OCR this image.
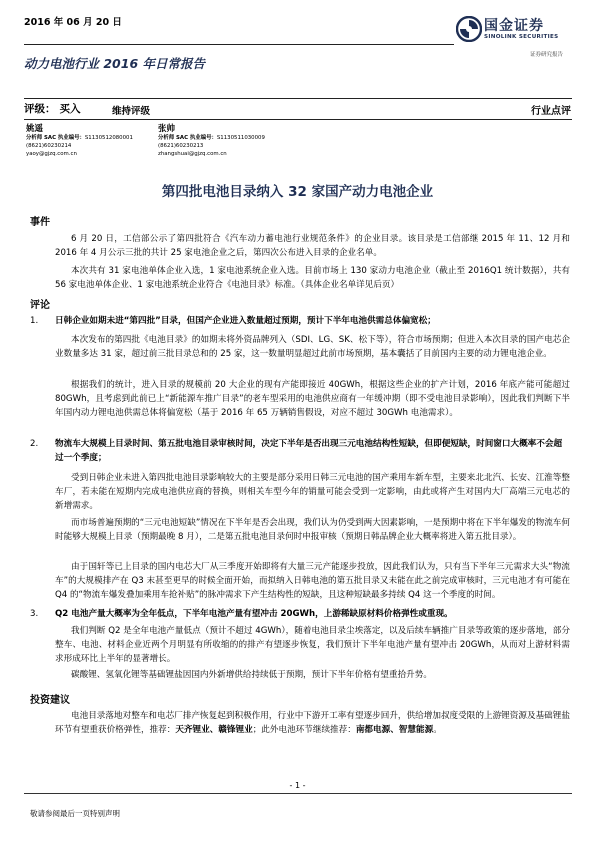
2016 年 06 月 20 日
动力电池行业 2016 年日常报告
国金证券
SINOLINK SECURITIES
证券研究报告
评级： 买入	维持评级	行业点评
姚遥
分析师 SAC 执业编号：S1130512080001
(8621)60230214
yaoy@gjzq.com.cn
张帅
分析师 SAC 执业编号：S1130511030009
(8621)60230213
zhangshuai@gjzq.com.cn
第四批电池目录纳入 32 家国产动力电池企业
事件
6 月 20 日，工信部公示了第四批符合《汽车动力蓄电池行业规范条件》的企业目录。该目录是工信部继 2015 年 11、12 月和 2016 年 4 月公示三批的共计 25 家电池企业之后，第四次公布进入目录的企业名单。
本次共有 31 家电池单体企业入选，1 家电池系统企业入选。目前市场上 130 家动力电池企业（截止至 2016Q1 统计数据），共有 56 家电池单体企业、1 家电池系统企业符合《电池目录》标准。（具体企业名单详见后页）
评论
1. 日韩企业如期未进“第四批”目录，但国产企业进入数量超过预期，预计下半年电池供需总体偏宽松；
本次发布的第四批《电池目录》的如期未将外资品牌列入（SDI、LG、SK、松下等），符合市场预期；但进入本次目录的国产电芯企业数量多达 31 家，超过前三批目录总和的 25 家，这一数量明显超过此前市场预期，基本囊括了目前国内主要的动力锂电池企业。
根据我们的统计，进入目录的规模前 20 大企业的现有产能即接近 40GWh，根据这些企业的扩产计划，2016 年底产能可能超过 80GWh，且考虑到此前已上“新能源车推广目录”的老车型采用的电池供应商有一年缓冲期（即不受电池目录影响），因此我们判断下半年国内动力锂电池供需总体将偏宽松（基于 2016 年 65 万辆销售假设，对应不超过 30GWh 电池需求）。
2. 物流车大规模上目录时间、第五批电池目录审核时间，决定下半年是否出现三元电池结构性短缺，但即便短缺，时间窗口大概率不会超过一个季度；
受到日韩企业未进入第四批电池目录影响较大的主要是部分采用日韩三元电池的国产乘用车新车型，主要来北北汽、长安、江淮等整车厂，若未能在短期内完成电池供应商的替换，则相关车型今年的销量可能会受到一定影响，由此或将产生对国内大厂高端三元电芯的新增需求。
而市场普遍预期的“三元电池短缺”情况在下半年是否会出现，我们认为仍受到两大因素影响，一是预期中将在下半年爆发的物流车何时能够大规模上目录（预期最晚 8 月），二是第五批电池目录何时申报审核（预期日韩品牌企业大概率将进入第五批目录）。
由于国轩等已上目录的国内电芯大厂从三季度开始即将有大量三元产能逐步投放，因此我们认为，只有当下半年三元需求大头“物流车”的大规模排产在 Q3 末甚至更早的时候全面开始，而拟纳入日韩电池的第五批目录又未能在此之前完成审核时，三元电池才有可能在 Q4 的“物流车爆发叠加乘用车抢补贴”的脉冲需求下产生结构性的短缺，且这种短缺最多持续 Q4 这一个季度的时间。
3. Q2 电池产量大概率为全年低点，下半年电池产量有望冲击 20GWh，上游稀缺原材料价格弹性或重现。
我们判断 Q2 是全年电池产量低点（预计不超过 4GWh），随着电池目录尘埃落定，以及后续车辆推广目录等政策的逐步落地，部分整车、电池、材料企业近两个月明显有所收缩的的排产有望逐步恢复，我们预计下半年电池产量有望冲击 20GWh，从而对上游材料需求形成环比上半年的显著增长。
碳酸锂、氢氧化锂等基础锂盐因国内外新增供给持续低于预期，预计下半年价格有望重拾升势。
投资建议
电池目录落地对整车和电芯厂排产恢复起到积极作用，行业中下游开工率有望逐步回升，供给增加叔度受限的上游锂资源及基础锂盐环节有望重获价格弹性，推荐：天齐锂业、赣锋锂业；此外电池环节继续推荐：南都电源、智慧能源。
- 1 -
敬请参阅最后一页特别声明
